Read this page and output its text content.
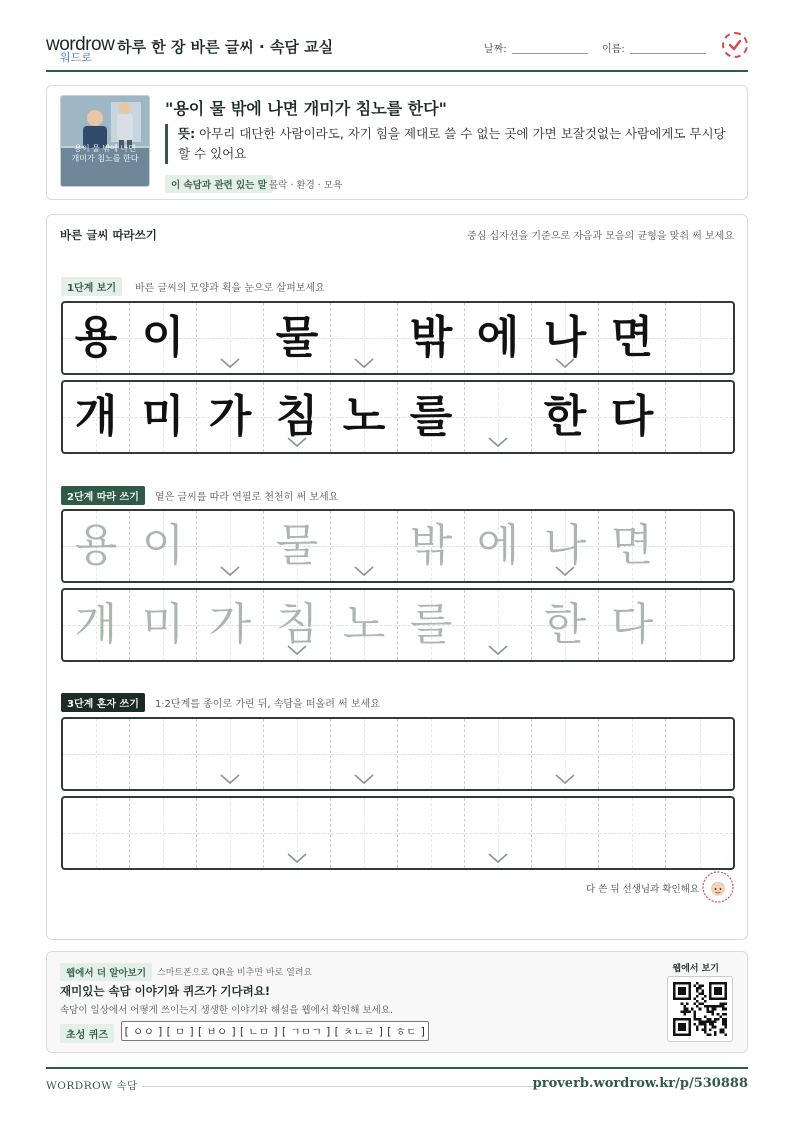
wordrow
워드로
하루 한 장 바른 글씨 · 속담 교실	날짜:	이름:
용이 물 밖에 나면
개미가 침노를 한다
"용이 물 밖에 나면 개미가 침노를 한다"
뜻: 아무리 대단한 사람이라도, 자기 힘을 제대로 쓸 수 없는 곳에 가면 보잘것없는 사람에게도 무시당할 수 있어요
이 속담과 관련 있는 말 몰락 · 환경 · 모욕
바른 글씨 따라쓰기	중심 십자선을 기준으로 자음과 모음의 균형을 맞춰 써 보세요
1단계 보기	바른 글씨의 모양과 획을 눈으로 살펴보세요
용 이 물 밖 에 나 면
개 미 가 침 노 를 한 다
2단계 따라 쓰기	옅은 글씨를 따라 연필로 천천히 써 보세요
용 이 물 밖 에 나 면
개 미 가 침 노 를 한 다
3단계 혼자 쓰기	1·2단계를 종이로 가린 뒤, 속담을 떠올려 써 보세요
다 쓴 뒤 선생님과 확인해요
웹에서 더 알아보기	스마트폰으로 QR을 비추면 바로 열려요
재미있는 속담 이야기와 퀴즈가 기다려요!
속담이 일상에서 어떻게 쓰이는지 생생한 이야기와 해설을 웹에서 확인해 보세요.
초성 퀴즈	[ ㅇㅇ ] [ ㅁ ] [ ㅂㅇ ] [ ㄴㅁ ] [ ㄱㅁㄱ ] [ ㅊㄴㄹ ] [ ㅎㄷ ]
웹에서 보기
WORDROW 속담	proverb.wordrow.kr/p/530888
